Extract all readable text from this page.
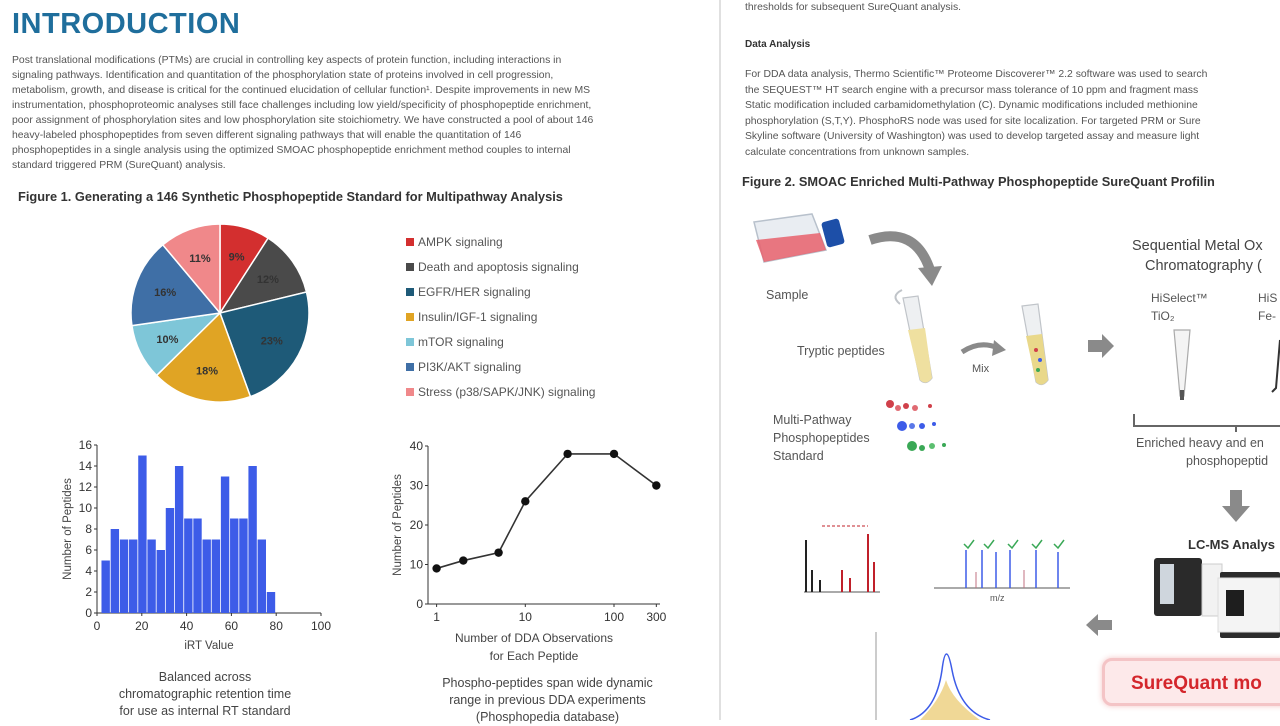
INTRODUCTION
Post translational modifications (PTMs) are crucial in controlling key aspects of protein function, including interactions in
signaling pathways. Identification and quantitation of the phosphorylation state of proteins involved in cell progression,
metabolism, growth, and disease is critical for the continued elucidation of cellular function¹. Despite improvements in new MS
instrumentation, phosphoproteomic analyses still face challenges including low yield/specificity of phosphopeptide enrichment,
poor assignment of phosphorylation sites and low phosphorylation site stoichiometry. We have constructed a pool of about 146
heavy-labeled phosphopeptides from seven different signaling pathways that will enable the quantitation of 146
phosphopeptides in a single analysis using the optimized SMOAC phosphopeptide enrichment method couples to internal
standard triggered PRM (SureQuant) analysis.
Figure 1. Generating a 146 Synthetic Phosphopeptide Standard for Multipathway Analysis
9%
12%
23%
18%
10%
16%
11%
AMPK signaling
Death and apoptosis signaling
EGFR/HER signaling
Insulin/IGF-1 signaling
mTOR signaling
PI3K/AKT signaling
Stress (p38/SAPK/JNK) signaling
0
2
4
6
8
10
12
14
16
0	20	40	60	80 100
iRT Value
Number of Peptides
0
10
20
30
40
1	10	100 300
Number of DDA Observations
for Each Peptide
Number of Peptides
Balanced across
chromatographic retention time
for use as internal RT standard
Phospho-peptides span wide dynamic
range in previous DDA experiments
(Phosphopedia database)
thresholds for subsequent SureQuant analysis.
Data Analysis
For DDA data analysis, Thermo Scientific™ Proteome Discoverer™ 2.2 software was used to search
the SEQUEST™ HT search engine with a precursor mass tolerance of 10 ppm and fragment mass
Static modification included carbamidomethylation (C). Dynamic modifications included methionine
phosphorylation (S,T,Y). PhosphoRS node was used for site localization. For targeted PRM or Sure
Skyline software (University of Washington) was used to develop targeted assay and measure light
calculate concentrations from unknown samples.
Figure 2. SMOAC Enriched Multi-Pathway Phosphopeptide SureQuant Profilin
Sample
Tryptic peptides
Mix
Multi-Pathway
Phosphopeptides
Standard
Sequential Metal Ox
Chromatography (
HiSelect™
TiO₂
HiS
Fe-
Enriched heavy and en
phosphopeptid
LC-MS Analys
m/z
SureQuant mo
